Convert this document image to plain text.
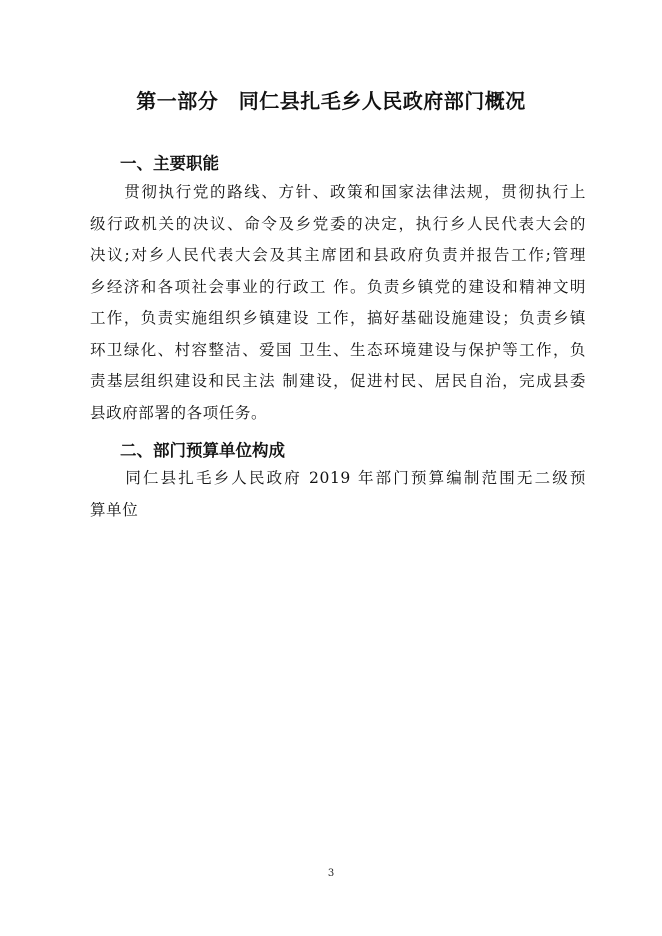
第一部分　同仁县扎毛乡人民政府部门概况
一、主要职能
　　贯彻执行党的路线、方针、政策和国家法律法规，贯彻执行上
级行政机关的决议、命令及乡党委的决定，执行乡人民代表大会的
决议;对乡人民代表大会及其主席团和县政府负责并报告工作;管理
乡经济和各项社会事业的行政工 作。负责乡镇党的建设和精神文明
工作，负责实施组织乡镇建设 工作，搞好基础设施建设；负责乡镇
环卫绿化、村容整洁、爱国 卫生、生态环境建设与保护等工作，负
责基层组织建设和民主法 制建设，促进村民、居民自治，完成县委
县政府部署的各项任务。
二、部门预算单位构成
　　同仁县扎毛乡人民政府 2019 年部门预算编制范围无二级预
算单位
3
